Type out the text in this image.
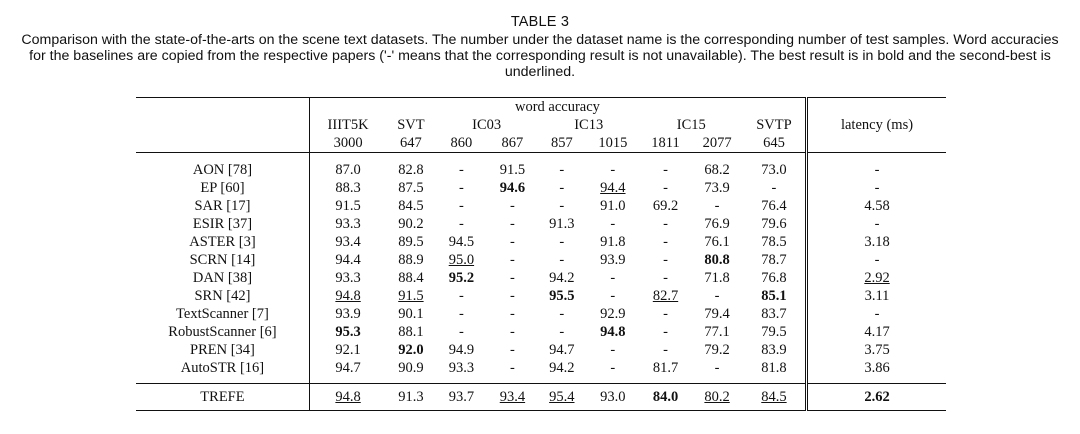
TABLE 3
Comparison with the state-of-the-arts on the scene text datasets. The number under the dataset name is the corresponding number of test samples. Word accuracies for the baselines are copied from the respective papers ('-' means that the corresponding result is not unavailable). The best result is in bold and the second-best is underlined.
	word accuracy									latency (ms)
	IIIT5K	SVT	IC03		IC13		IC15		SVTP	
	3000	647	860	867	857	1015	1811	2077	645	
AON [78]	87.0	82.8	-	91.5	-	-	-	68.2	73.0	-
EP [60]	88.3	87.5	-	94.6	-	94.4	-	73.9	-	-
SAR [17]	91.5	84.5	-	-	-	91.0	69.2	-	76.4	4.58
ESIR [37]	93.3	90.2	-	-	91.3	-	-	76.9	79.6	-
ASTER [3]	93.4	89.5	94.5	-	-	91.8	-	76.1	78.5	3.18
SCRN [14]	94.4	88.9	95.0	-	-	93.9	-	80.8	78.7	-
DAN [38]	93.3	88.4	95.2	-	94.2	-	-	71.8	76.8	2.92
SRN [42]	94.8	91.5	-	-	95.5	-	82.7	-	85.1	3.11
TextScanner [7]	93.9	90.1	-	-	-	92.9	-	79.4	83.7	-
RobustScanner [6]	95.3	88.1	-	-	-	94.8	-	77.1	79.5	4.17
PREN [34]	92.1	92.0	94.9	-	94.7	-	-	79.2	83.9	3.75
AutoSTR [16]	94.7	90.9	93.3	-	94.2	-	81.7	-	81.8	3.86
TREFE	94.8	91.3	93.7	93.4	95.4	93.0	84.0	80.2	84.5	2.62
